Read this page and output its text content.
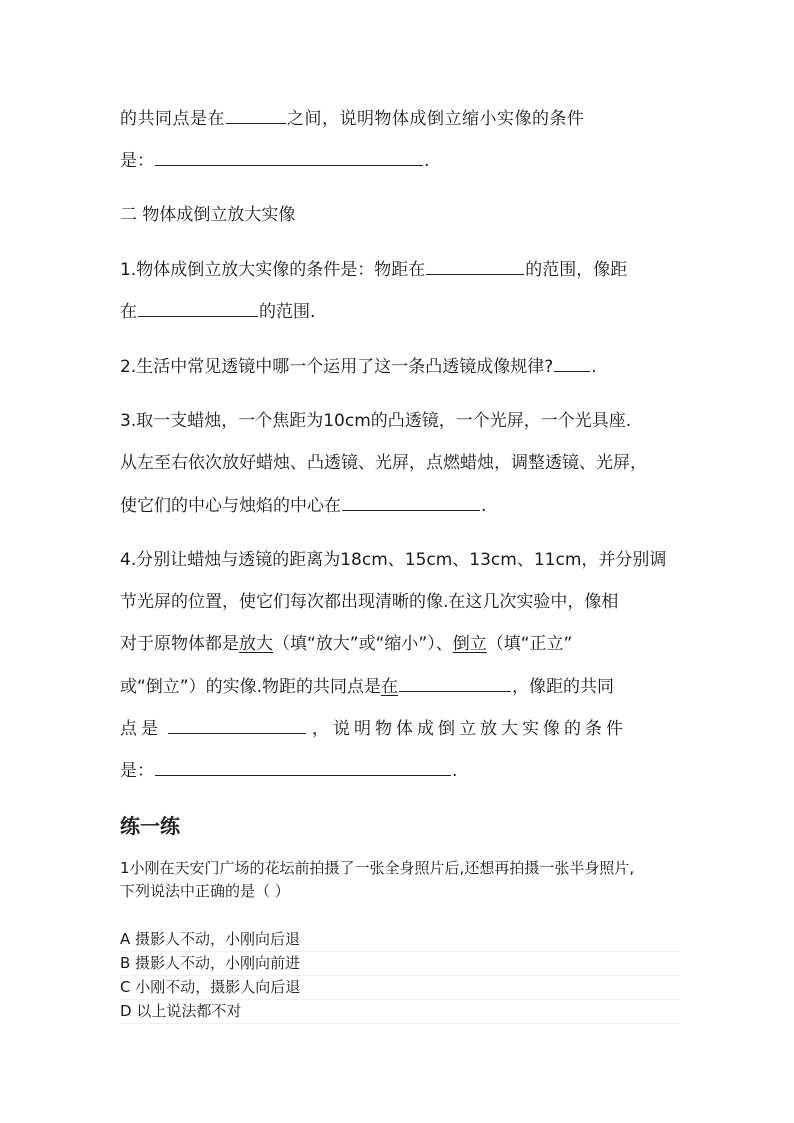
的共同点是在	之间，说明物体成倒立缩小实像的条件
是：	.
二 物体成倒立放大实像
1.物体成倒立放大实像的条件是：物距在	的范围，像距
在	的范围.
2.生活中常见透镜中哪一个运用了这一条凸透镜成像规律? .
3.取一支蜡烛，一个焦距为10cm的凸透镜，一个光屏，一个光具座.
从左至右依次放好蜡烛、凸透镜、光屏，点燃蜡烛，调整透镜、光屏，
使它们的中心与烛焰的中心在	.
4.分别让蜡烛与透镜的距离为18cm、15cm、13cm、11cm，并分别调
节光屏的位置，使它们每次都出现清晰的像.在这几次实验中，像相
对于原物体都是放大（填“放大”或“缩小”）、倒立（填“正立”
或“倒立”）的实像.物距的共同点是在	，像距的共同
点是	，说明物体成倒立放大实像的条件
是：	.
练一练
1小刚在天安门广场的花坛前拍摄了一张全身照片后,还想再拍摄一张半身照片,
下列说法中正确的是（ ）
A 摄影人不动，小刚向后退
B 摄影人不动，小刚向前进
C 小刚不动，摄影人向后退
D 以上说法都不对
